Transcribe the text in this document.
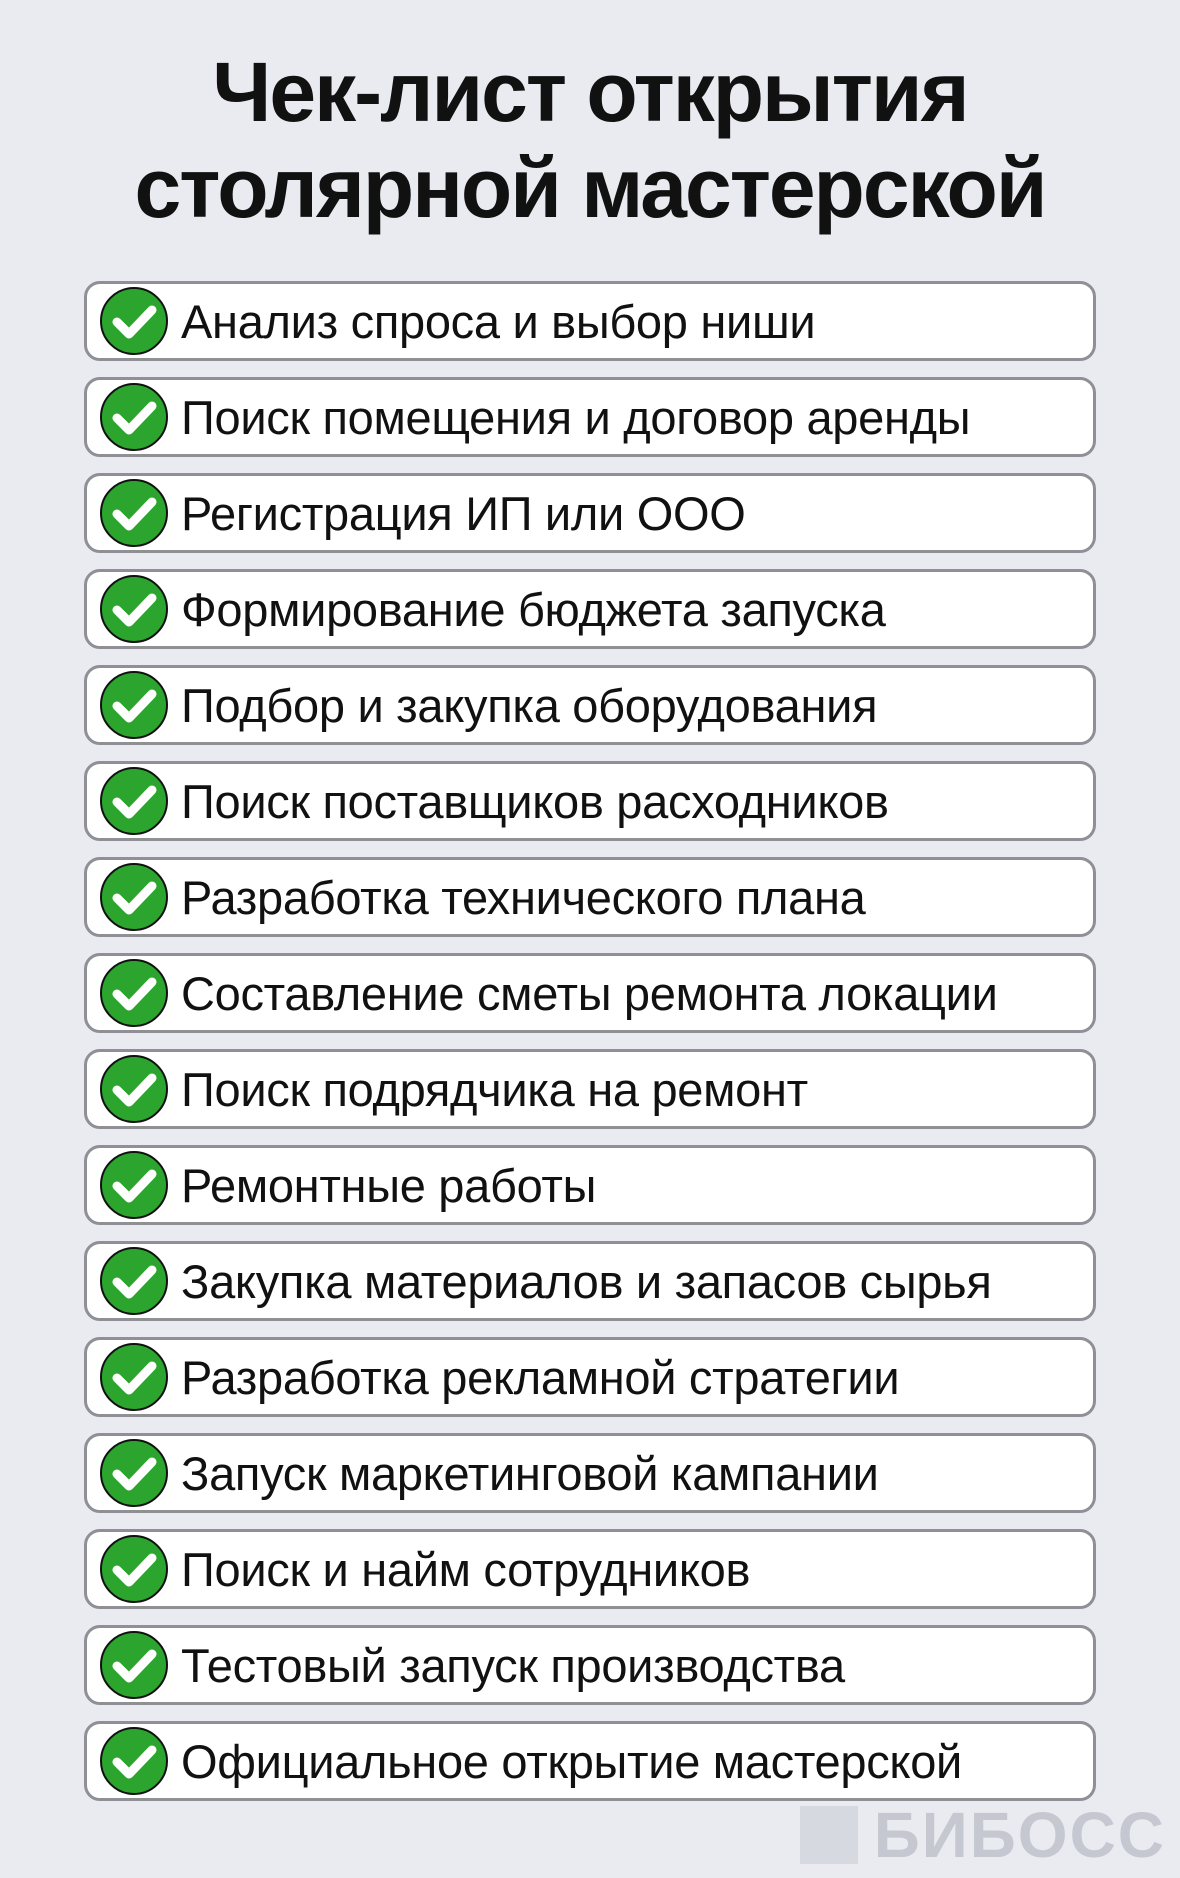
Чек-лист открытия
столярной мастерской
Анализ спроса и выбор ниши
Поиск помещения и договор аренды
Регистрация ИП или ООО
Формирование бюджета запуска
Подбор и закупка оборудования
Поиск поставщиков расходников
Разработка технического плана
Составление сметы ремонта локации
Поиск подрядчика на ремонт
Ремонтные работы
Закупка материалов и запасов сырья
Разработка рекламной стратегии
Запуск маркетинговой кампании
Поиск и найм сотрудников
Тестовый запуск производства
Официальное открытие мастерской
БИБОСС
